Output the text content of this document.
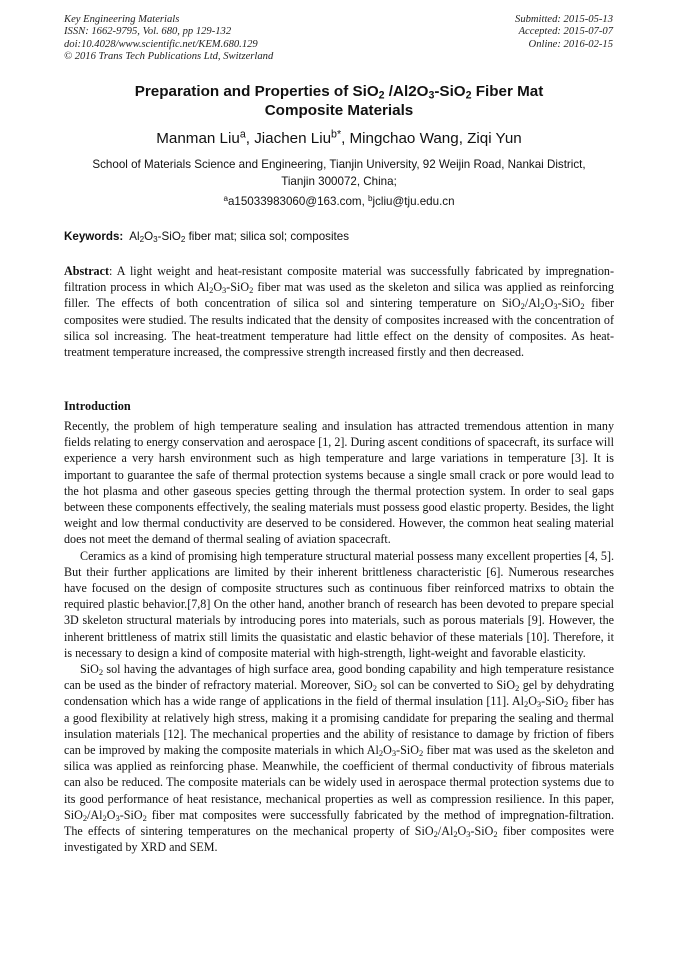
Key Engineering Materials
ISSN: 1662-9795, Vol. 680, pp 129-132
doi:10.4028/www.scientific.net/KEM.680.129
© 2016 Trans Tech Publications Ltd, Switzerland
Submitted: 2015-05-13
Accepted: 2015-07-07
Online: 2016-02-15
Preparation and Properties of SiO$_2$ $/Al2O_3-SiO_2$ Fiber Mat
Composite Materials
Manman Liu$^a$, Jiachen Liu$^{b*}$, Mingchao Wang, Ziqi Yun
School of Materials Science and Engineering, Tianjin University, 92 Weijin Road, Nankai District,
Tianjin 300072, China;
$^a$a15033983060@163.com, $^b$jcliu@tju.edu.cn
Keywords: $Al_2O_3-SiO_2$ fiber mat; silica sol; composites
Abstract: A light weight and heat-resistant composite material was successfully fabricated by impregnation-filtration process in which $Al_2O_3-SiO_2$ fiber mat was used as the skeleton and silica was applied as reinforcing filler. The effects of both concentration of silica sol and sintering temperature on $SiO_2/Al_2O_3-SiO_2$ fiber composites were studied. The results indicated that the density of composites increased with the concentration of silica sol increasing. The heat-treatment temperature had little effect on the density of composites. As heat-treatment temperature increased, the compressive strength increased firstly and then decreased.
Introduction

Recently, the problem of high temperature sealing and insulation has attracted tremendous attention in many fields relating to energy conservation and aerospace [1, 2]. During ascent conditions of spacecraft, its surface will experience a very harsh environment such as high temperature and large variations in temperature [3]. It is important to guarantee the safe of thermal protection systems because a single small crack or pore would lead to the hot plasma and other gaseous species getting through the thermal protection system. In order to seal gaps between these components effectively, the sealing materials must possess good elastic property. Besides, the light weight and low thermal conductivity are deserved to be considered. However, the common heat sealing material does not meet the demand of thermal sealing of aviation spacecraft.

Ceramics as a kind of promising high temperature structural material possess many excellent properties [4, 5]. But their further applications are limited by their inherent brittleness characteristic [6]. Numerous researches have focused on the design of composite structures such as continuous fiber reinforced matrixs to obtain the required plastic behavior.[7,8] On the other hand, another branch of research has been devoted to prepare special 3D skeleton structural materials by introducing pores into materials, such as porous materials [9]. However, the inherent brittleness of matrix still limits the quasistatic and elastic behavior of these materials [10]. Therefore, it is necessary to design a kind of composite material with high-strength, light-weight and favorable elasticity.

SiO$_2$ sol having the advantages of high surface area, good bonding capability and high temperature resistance can be used as the binder of refractory material. Moreover, SiO$_2$ sol can be converted to SiO$_2$ gel by dehydrating condensation which has a wide range of applications in the field of thermal insulation [11]. $Al_2O_3-SiO_2$ fiber has a good flexibility at relatively high stress, making it a promising candidate for preparing the sealing and thermal insulation materials [12]. The mechanical properties and the ability of resistance to damage by friction of fibers can be improved by making the composite materials in which $Al_2O_3-SiO_2$ fiber mat was used as the skeleton and silica was applied as reinforcing phase. Meanwhile, the coefficient of thermal conductivity of fibrous materials can also be reduced. The composite materials can be widely used in aerospace thermal protection systems due to its good performance of heat resistance, mechanical properties as well as compression resilience. In this paper, $SiO_2/Al_2O_3-SiO_2$ fiber mat composites were successfully fabricated by the method of impregnation-filtration. The effects of sintering temperatures on the mechanical property of $SiO_2/Al_2O_3-SiO_2$ fiber composites were investigated by XRD and SEM.
